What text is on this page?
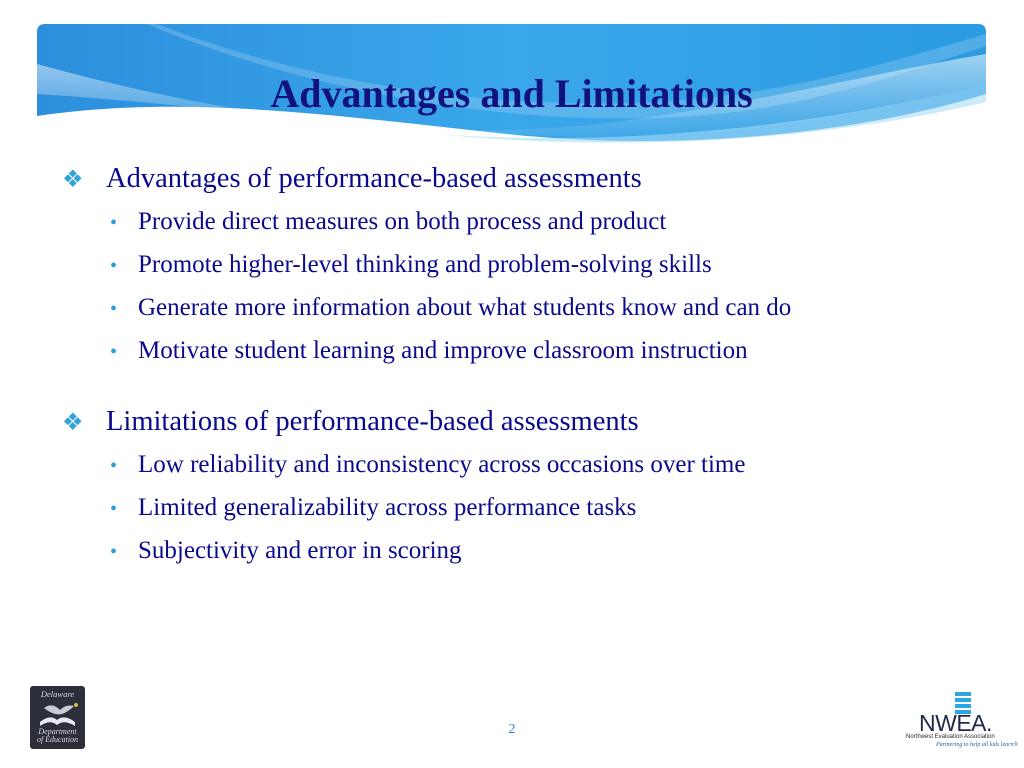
Advantages and Limitations
❖ Advantages of performance-based assessments
• Provide direct measures on both process and product
• Promote higher-level thinking and problem-solving skills
• Generate more information about what students know and can do
• Motivate student learning and improve classroom instruction
❖ Limitations of performance-based assessments
• Low reliability and inconsistency across occasions over time
• Limited generalizability across performance tasks
• Subjectivity and error in scoring
Delaware
Department
of Education
2	NWEA.
Northwest Evaluation Association
Partnering to help all kids learn®
